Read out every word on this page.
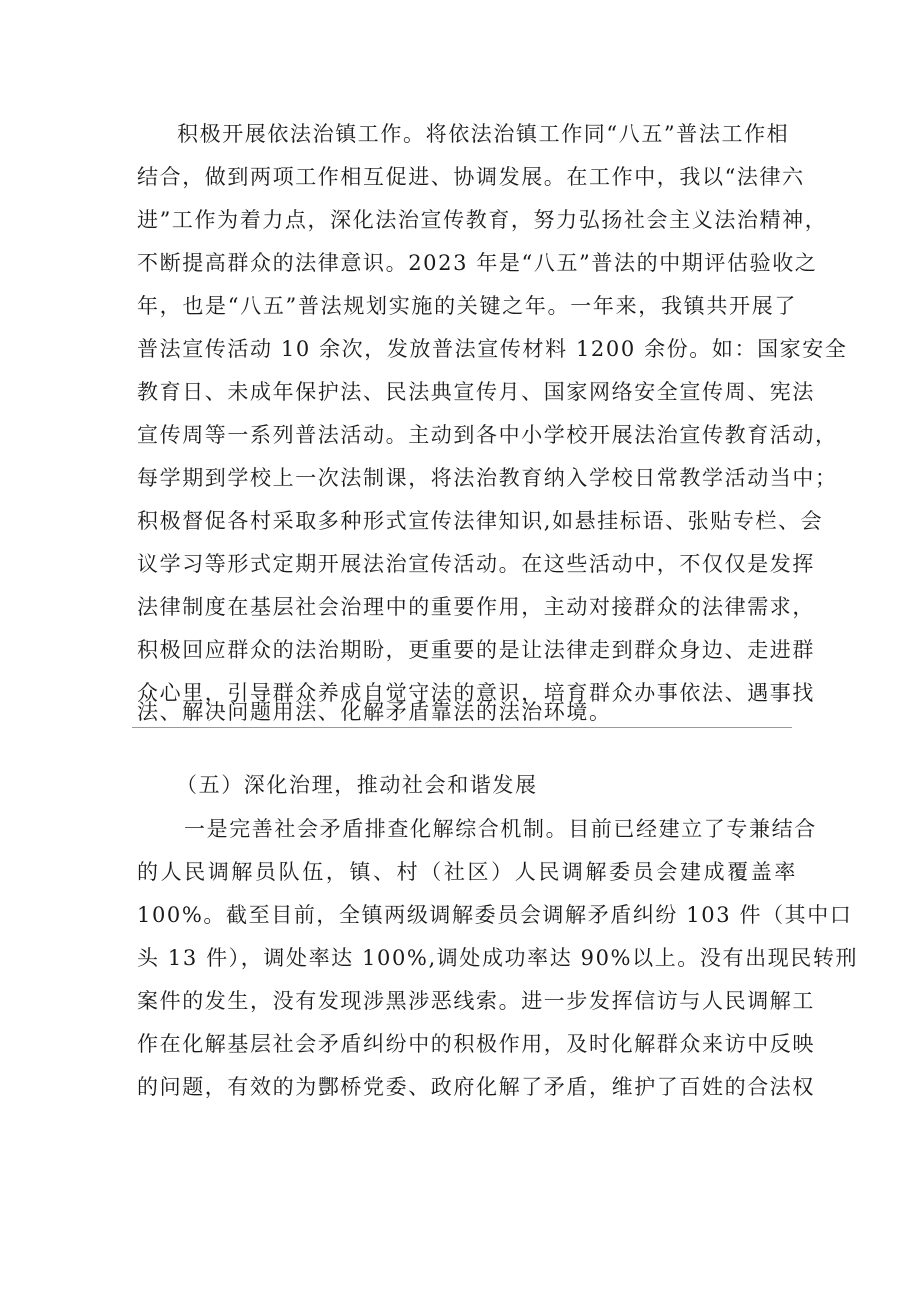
积极开展依法治镇工作。将依法治镇工作同“八五”普法工作相
结合，做到两项工作相互促进、协调发展。在工作中，我以“法律六
进”工作为着力点，深化法治宣传教育，努力弘扬社会主义法治精神，
不断提高群众的法律意识。2023 年是“八五”普法的中期评估验收之
年，也是“八五”普法规划实施的关键之年。一年来，我镇共开展了
普法宣传活动 10 余次，发放普法宣传材料 1200 余份。如：国家安全
教育日、未成年保护法、民法典宣传月、国家网络安全宣传周、宪法
宣传周等一系列普法活动。主动到各中小学校开展法治宣传教育活动，
每学期到学校上一次法制课，将法治教育纳入学校日常教学活动当中；
积极督促各村采取多种形式宣传法律知识,如悬挂标语、张贴专栏、会
议学习等形式定期开展法治宣传活动。在这些活动中，不仅仅是发挥
法律制度在基层社会治理中的重要作用，主动对接群众的法律需求，
积极回应群众的法治期盼，更重要的是让法律走到群众身边、走进群
众心里，引导群众养成自觉守法的意识，培育群众办事依法、遇事找
法、解决问题用法、化解矛盾靠法的法治环境。
（五）深化治理，推动社会和谐发展
一是完善社会矛盾排查化解综合机制。目前已经建立了专兼结合
的人民调解员队伍，镇、村（社区）人民调解委员会建成覆盖率
100%。截至目前，全镇两级调解委员会调解矛盾纠纷 103 件（其中口
头 13 件），调处率达 100%,调处成功率达 90%以上。没有出现民转刑
案件的发生，没有发现涉黑涉恶线索。进一步发挥信访与人民调解工
作在化解基层社会矛盾纠纷中的积极作用，及时化解群众来访中反映
的问题，有效的为酆桥党委、政府化解了矛盾，维护了百姓的合法权
